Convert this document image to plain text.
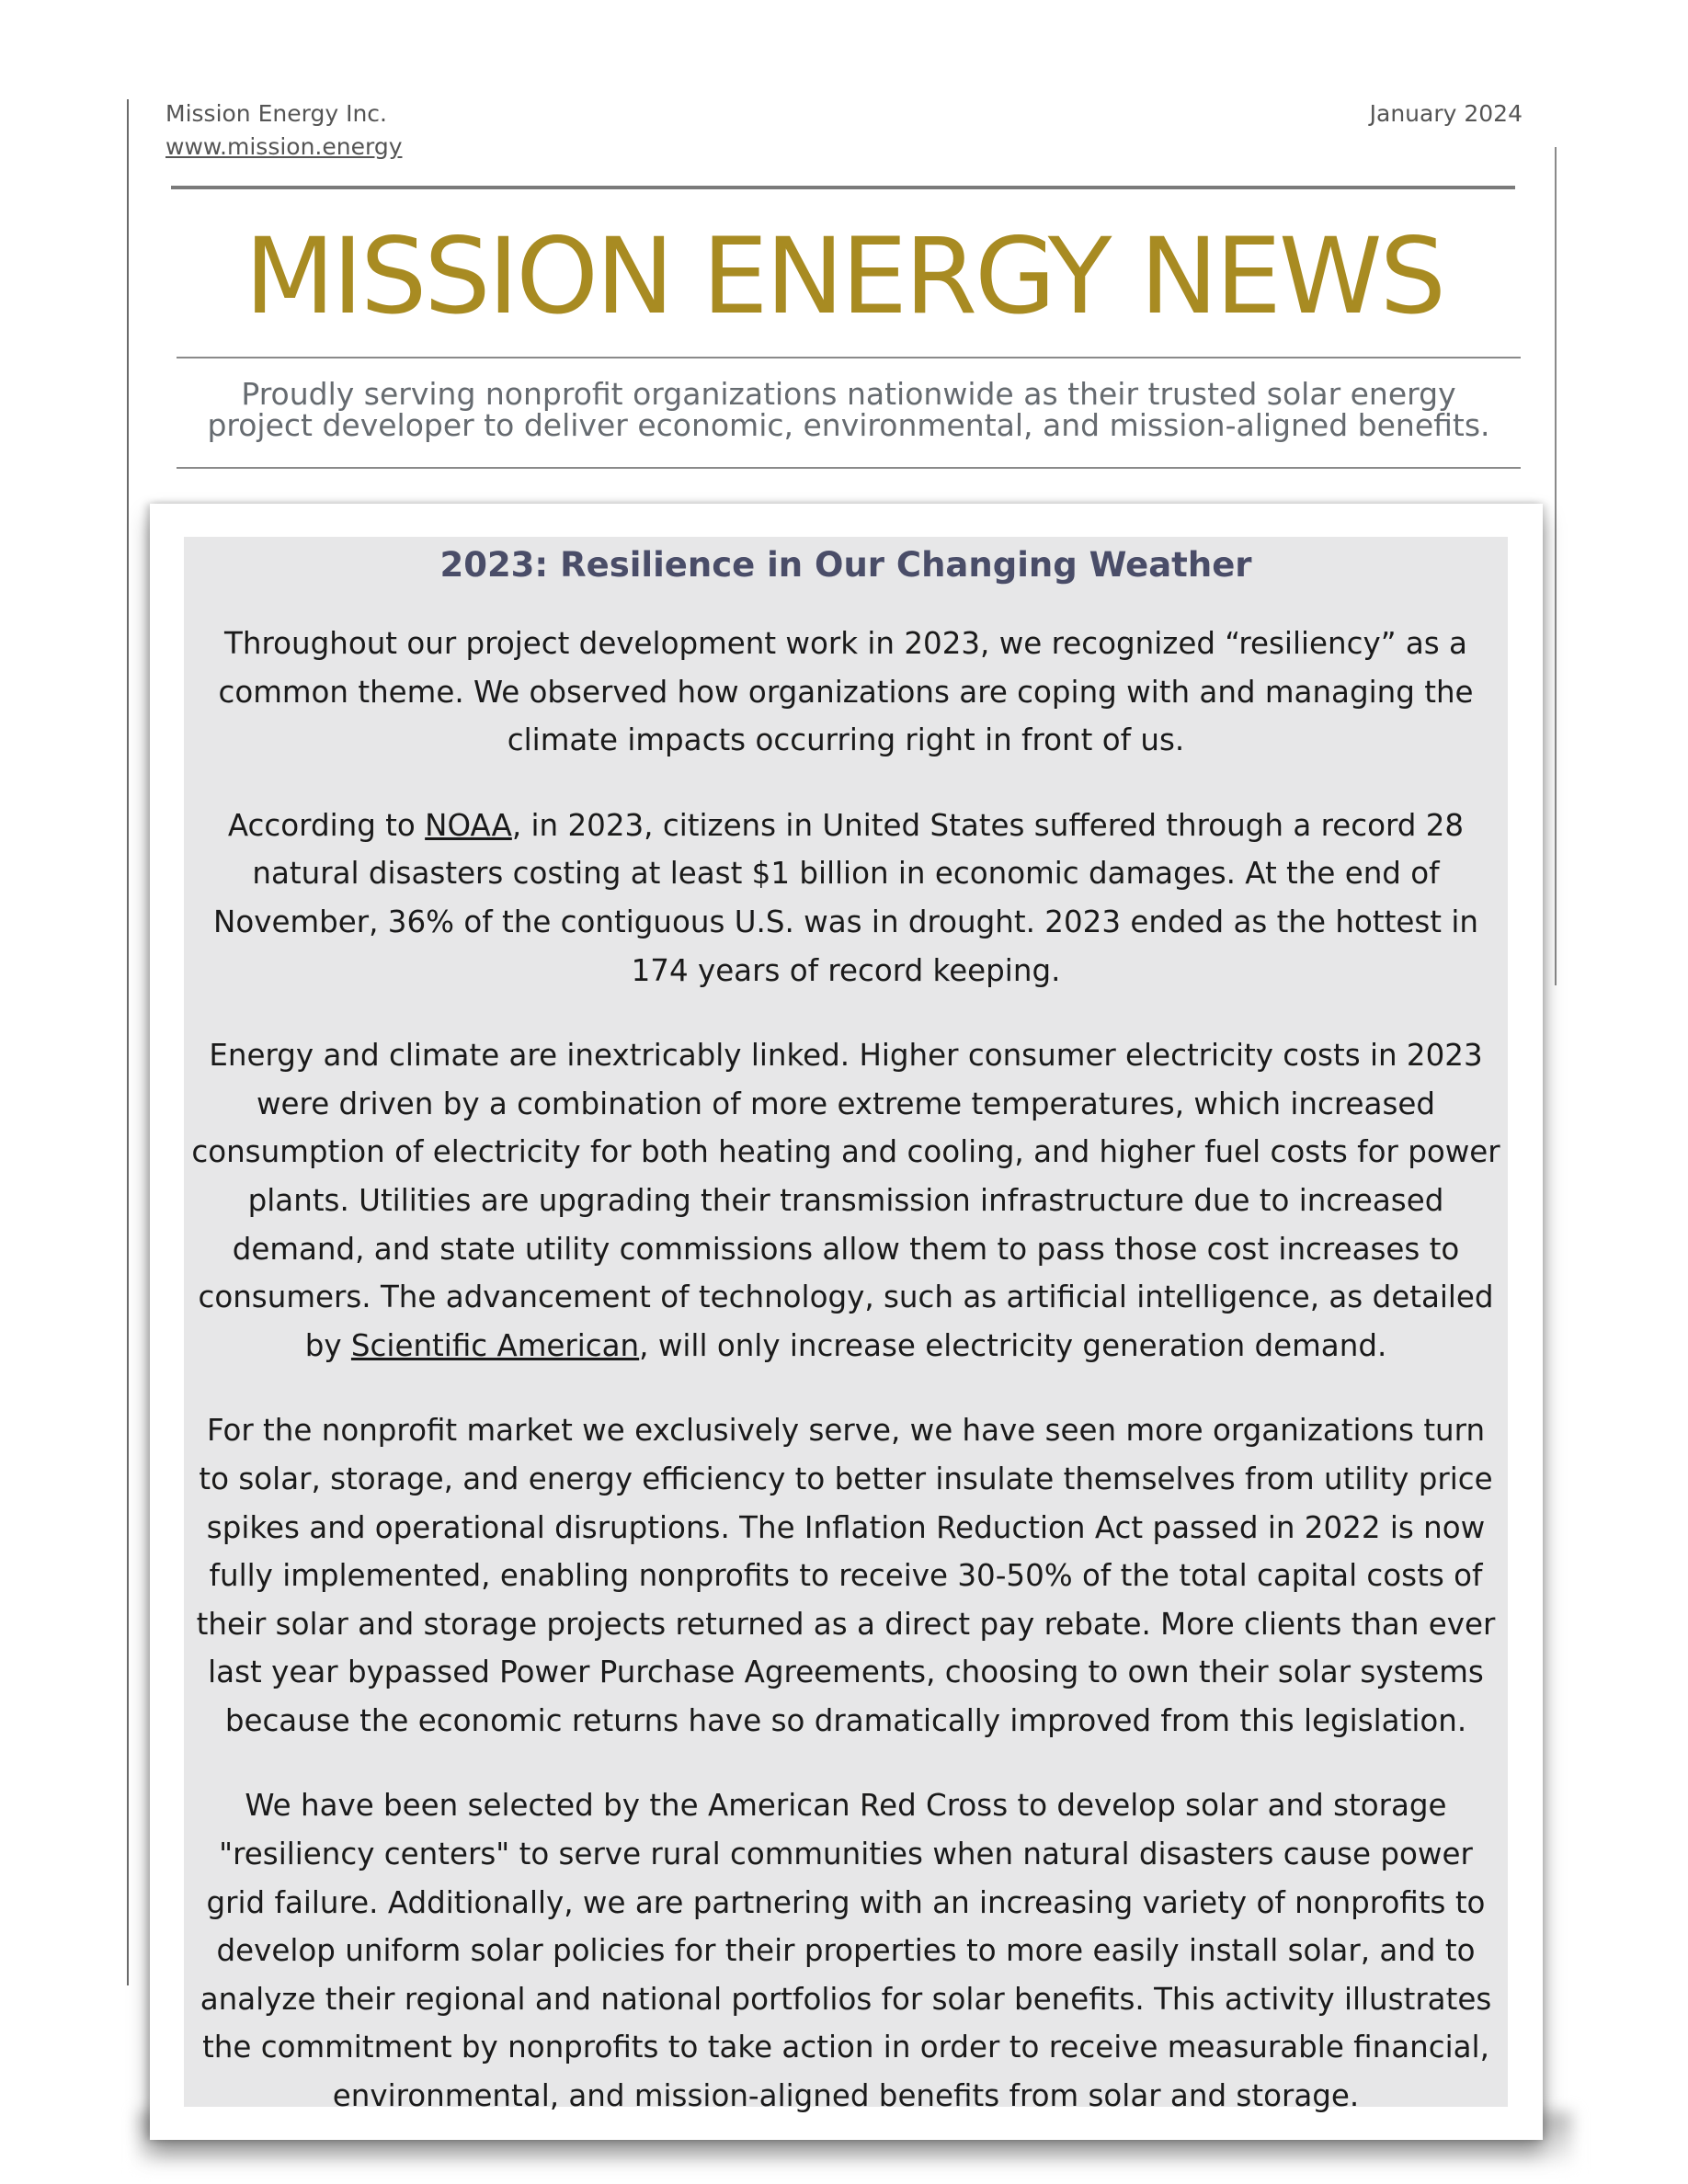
Mission Energy Inc.
www.mission.energy
January 2024
MISSION ENERGY NEWS

Proudly serving nonprofit organizations nationwide as their trusted solar energy
project developer to deliver economic, environmental, and mission-aligned benefits.

2023: Resilience in Our Changing Weather

Throughout our project development work in 2023, we recognized “resiliency” as a common theme. We observed how organizations are coping with and managing the climate impacts occurring right in front of us.

According to NOAA, in 2023, citizens in United States suffered through a record 28 natural disasters costing at least $1 billion in economic damages. At the end of November, 36% of the contiguous U.S. was in drought. 2023 ended as the hottest in 174 years of record keeping.

Energy and climate are inextricably linked. Higher consumer electricity costs in 2023 were driven by a combination of more extreme temperatures, which increased consumption of electricity for both heating and cooling, and higher fuel costs for power plants. Utilities are upgrading their transmission infrastructure due to increased demand, and state utility commissions allow them to pass those cost increases to consumers. The advancement of technology, such as artificial intelligence, as detailed by Scientific American, will only increase electricity generation demand.

For the nonprofit market we exclusively serve, we have seen more organizations turn to solar, storage, and energy efficiency to better insulate themselves from utility price spikes and operational disruptions. The Inflation Reduction Act passed in 2022 is now fully implemented, enabling nonprofits to receive 30-50% of the total capital costs of their solar and storage projects returned as a direct pay rebate. More clients than ever last year bypassed Power Purchase Agreements, choosing to own their solar systems because the economic returns have so dramatically improved from this legislation.

We have been selected by the American Red Cross to develop solar and storage "resiliency centers" to serve rural communities when natural disasters cause power grid failure. Additionally, we are partnering with an increasing variety of nonprofits to develop uniform solar policies for their properties to more easily install solar, and to analyze their regional and national portfolios for solar benefits. This activity illustrates the commitment by nonprofits to take action in order to receive measurable financial, environmental, and mission-aligned benefits from solar and storage.
